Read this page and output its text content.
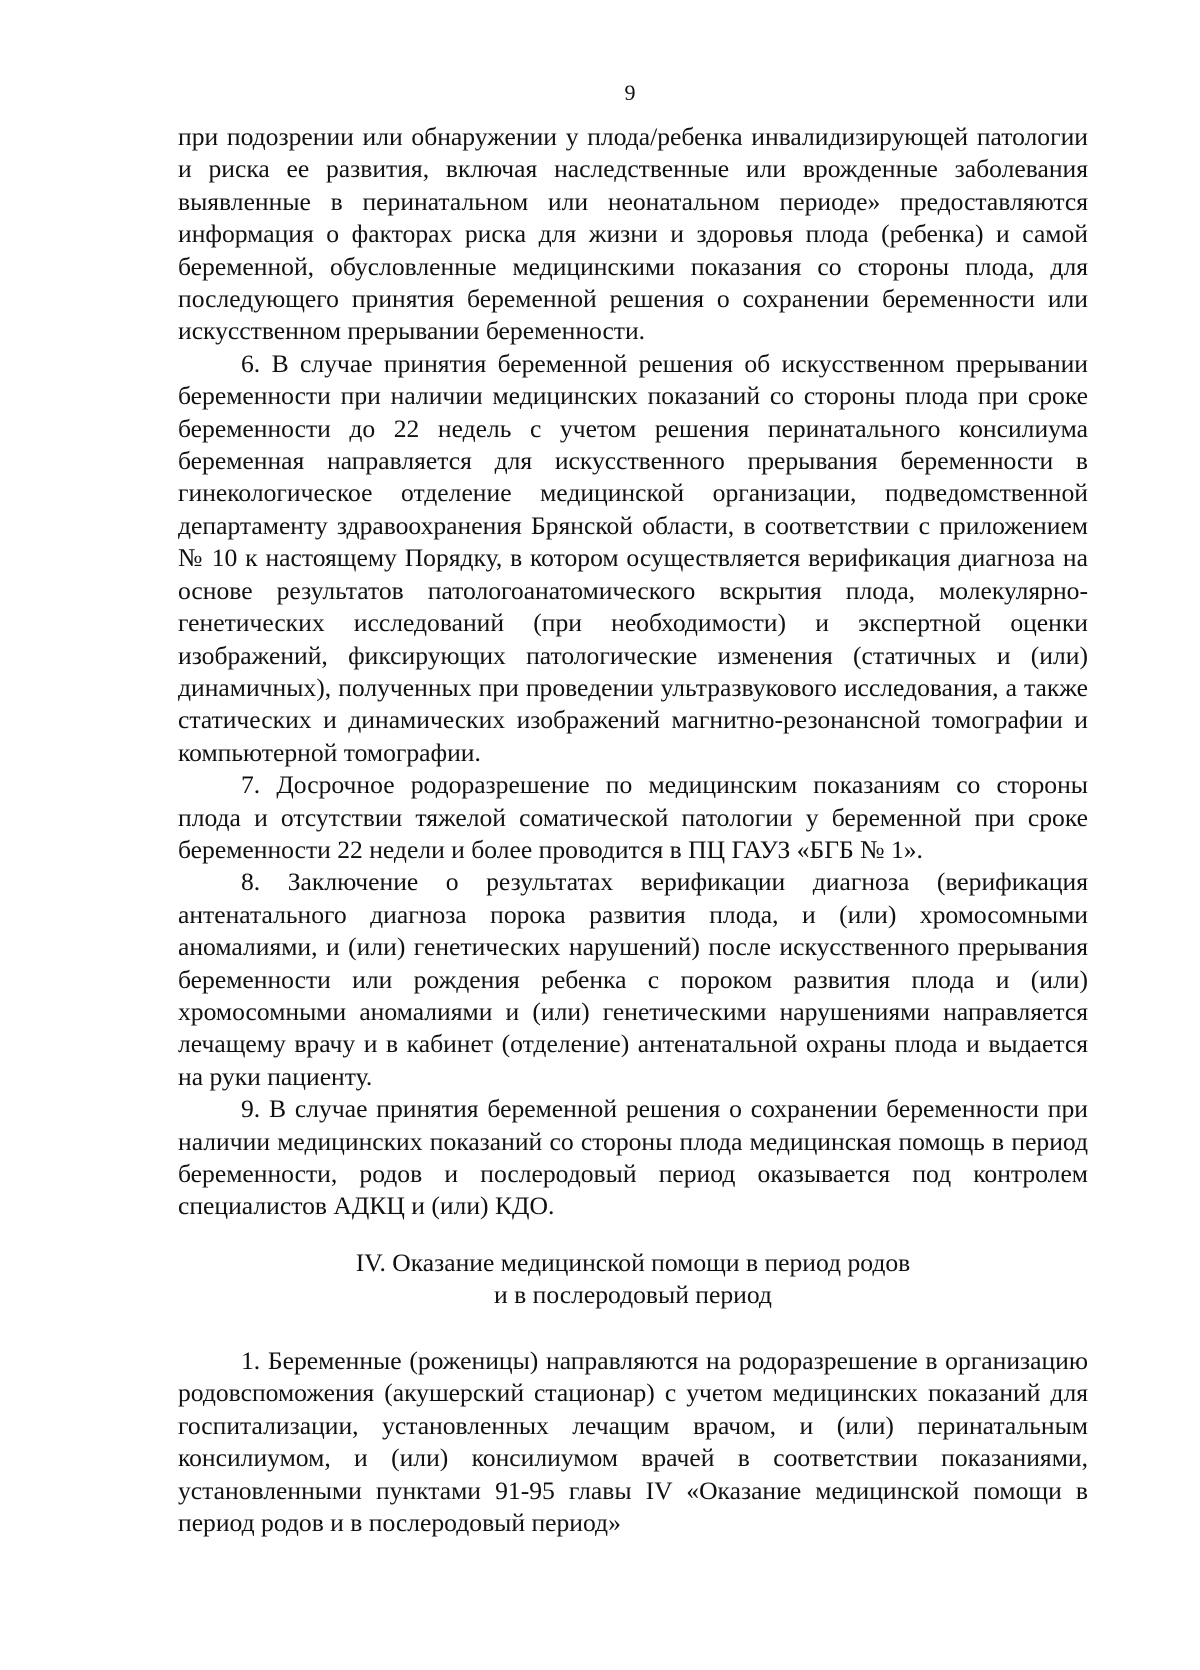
9

при подозрении или обнаружении у плода/ребенка инвалидизирующей патологии и риска ее развития, включая наследственные или врожденные заболевания выявленные в перинатальном или неонатальном периоде» предоставляются информация о факторах риска для жизни и здоровья плода (ребенка) и самой беременной, обусловленные медицинскими показания со стороны плода, для последующего принятия беременной решения о сохранении беременности или искусственном прерывании беременности.

6. В случае принятия беременной решения об искусственном прерывании беременности при наличии медицинских показаний со стороны плода при сроке беременности до 22 недель с учетом решения перинатального консилиума беременная направляется для искусственного прерывания беременности в гинекологическое отделение медицинской организации, подведомственной департаменту здравоохранения Брянской области, в соответствии с приложением № 10 к настоящему Порядку, в котором осуществляется верификация диагноза на основе результатов патологоанатомического вскрытия плода, молекулярно-генетических исследований (при необходимости) и экспертной оценки изображений, фиксирующих патологические изменения (статичных и (или) динамичных), полученных при проведении ультразвукового исследования, а также статических и динамических изображений магнитно-резонансной томографии и компьютерной томографии.

7. Досрочное родоразрешение по медицинским показаниям со стороны плода и отсутствии тяжелой соматической патологии у беременной при сроке беременности 22 недели и более проводится в ПЦ ГАУЗ «БГБ № 1».

8. Заключение о результатах верификации диагноза (верификация антенатального диагноза порока развития плода, и (или) хромосомными аномалиями, и (или) генетических нарушений) после искусственного прерывания беременности или рождения ребенка с пороком развития плода и (или) хромосомными аномалиями и (или) генетическими нарушениями направляется лечащему врачу и в кабинет (отделение) антенатальной охраны плода и выдается на руки пациенту.

9. В случае принятия беременной решения о сохранении беременности при наличии медицинских показаний со стороны плода медицинская помощь в период беременности, родов и послеродовый период оказывается под контролем специалистов АДКЦ и (или) КДО.

IV. Оказание медицинской помощи в период родов
и в послеродовый период

1. Беременные (роженицы) направляются на родоразрешение в организацию родовспоможения (акушерский стационар) с учетом медицинских показаний для госпитализации, установленных лечащим врачом, и (или) перинатальным консилиумом, и (или) консилиумом врачей в соответствии показаниями, установленными пунктами 91-95 главы IV «Оказание медицинской помощи в период родов и в послеродовый период»
